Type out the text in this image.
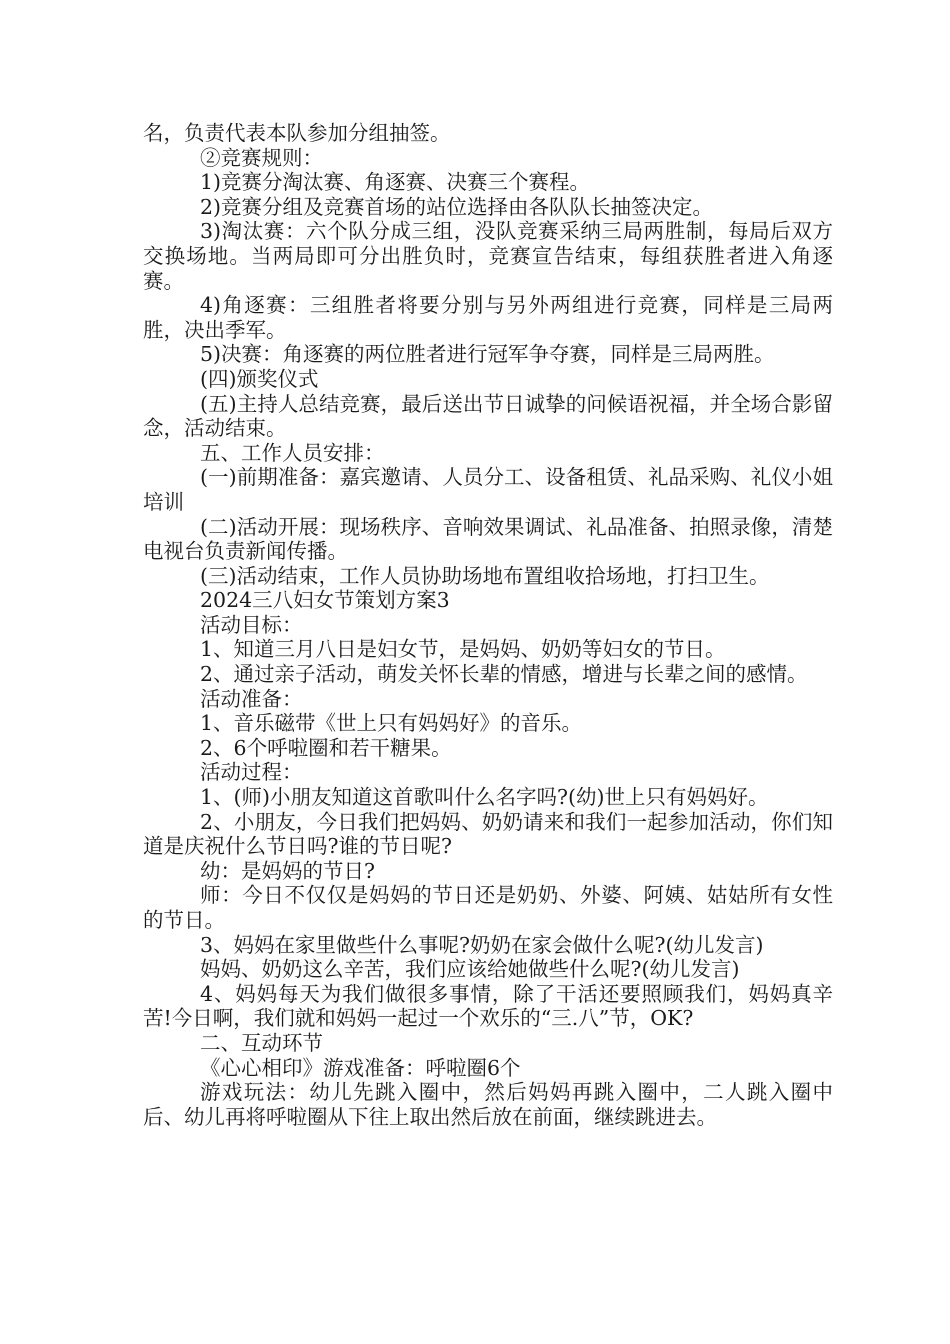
名，负责代表本队参加分组抽签。

②竞赛规则：

1)竞赛分淘汰赛、角逐赛、决赛三个赛程。

2)竞赛分组及竞赛首场的站位选择由各队队长抽签决定。

3)淘汰赛：六个队分成三组，没队竞赛采纳三局两胜制，每局后双方交换场地。当两局即可分出胜负时，竞赛宣告结束，每组获胜者进入角逐赛。

4)角逐赛：三组胜者将要分别与另外两组进行竞赛，同样是三局两胜，决出季军。

5)决赛：角逐赛的两位胜者进行冠军争夺赛，同样是三局两胜。

(四)颁奖仪式

(五)主持人总结竞赛，最后送出节日诚挚的问候语祝福，并全场合影留念，活动结束。

五、工作人员安排：

(一)前期准备：嘉宾邀请、人员分工、设备租赁、礼品采购、礼仪小姐培训

(二)活动开展：现场秩序、音响效果调试、礼品准备、拍照录像，清楚电视台负责新闻传播。

(三)活动结束，工作人员协助场地布置组收拾场地，打扫卫生。

2024三八妇女节策划方案3

活动目标：

1、知道三月八日是妇女节，是妈妈、奶奶等妇女的节日。

2、通过亲子活动，萌发关怀长辈的情感，增进与长辈之间的感情。

活动准备：

1、音乐磁带《世上只有妈妈好》的音乐。

2、6个呼啦圈和若干糖果。

活动过程：

1、(师)小朋友知道这首歌叫什么名字吗?(幼)世上只有妈妈好。

2、小朋友，今日我们把妈妈、奶奶请来和我们一起参加活动，你们知道是庆祝什么节日吗?谁的节日呢?

幼：是妈妈的节日?

师：今日不仅仅是妈妈的节日还是奶奶、外婆、阿姨、姑姑所有女性的节日。

3、妈妈在家里做些什么事呢?奶奶在家会做什么呢?(幼儿发言)

妈妈、奶奶这么辛苦，我们应该给她做些什么呢?(幼儿发言)

4、妈妈每天为我们做很多事情，除了干活还要照顾我们，妈妈真辛苦!今日啊，我们就和妈妈一起过一个欢乐的“三.八”节，OK?

二、互动环节

《心心相印》游戏准备：呼啦圈6个

游戏玩法：幼儿先跳入圈中，然后妈妈再跳入圈中，二人跳入圈中后、幼儿再将呼啦圈从下往上取出然后放在前面，继续跳进去。
